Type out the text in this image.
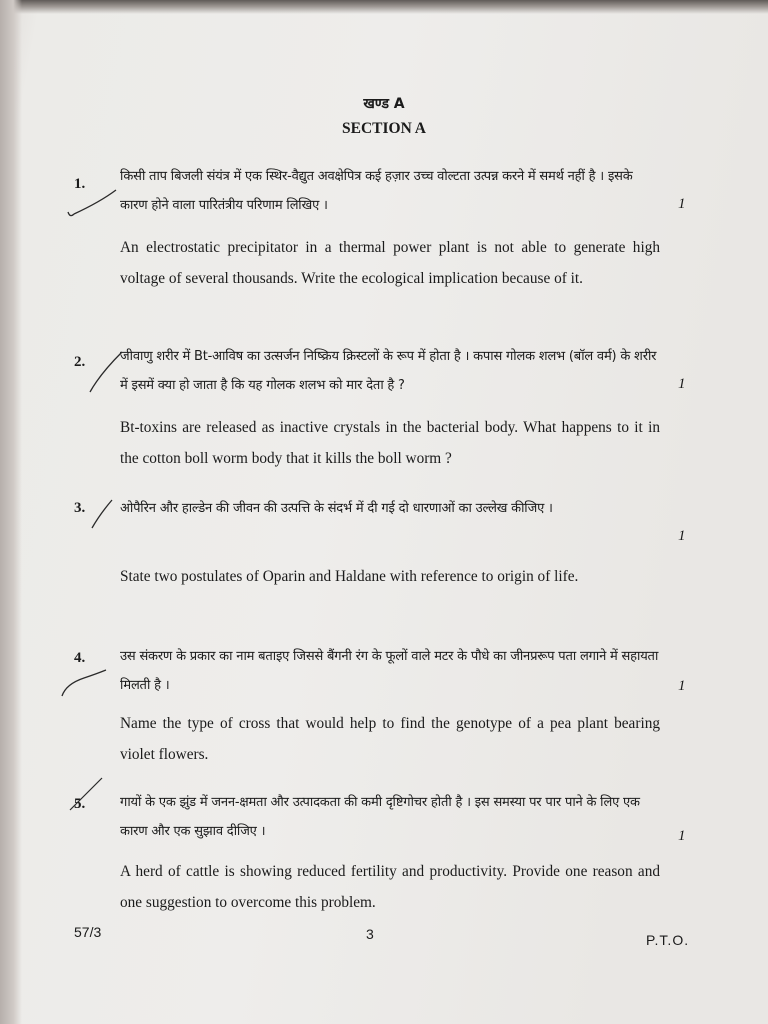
खण्ड A
SECTION A
1.	किसी ताप बिजली संयंत्र में एक स्थिर-वैद्युत अवक्षेपित्र कई हज़ार उच्च वोल्टता उत्पन्न करने में समर्थ नहीं है । इसके कारण होने वाला पारितंत्रीय परिणाम लिखिए ।	1
An electrostatic precipitator in a thermal power plant is not able to generate high voltage of several thousands. Write the ecological implication because of it.
2.	जीवाणु शरीर में Bt-आविष का उत्सर्जन निष्क्रिय क्रिस्टलों के रूप में होता है । कपास गोलक शलभ (बॉल वर्म) के शरीर में इसमें क्या हो जाता है कि यह गोलक शलभ को मार देता है ?	1
Bt-toxins are released as inactive crystals in the bacterial body. What happens to it in the cotton boll worm body that it kills the boll worm ?
3.	ओपैरिन और हाल्डेन की जीवन की उत्पत्ति के संदर्भ में दी गई दो धारणाओं का उल्लेख कीजिए ।
1
State two postulates of Oparin and Haldane with reference to origin of life.
4.	उस संकरण के प्रकार का नाम बताइए जिससे बैंगनी रंग के फूलों वाले मटर के पौधे का जीनप्ररूप पता लगाने में सहायता मिलती है ।	1
Name the type of cross that would help to find the genotype of a pea plant bearing violet flowers.
5.	गायों के एक झुंड में जनन-क्षमता और उत्पादकता की कमी दृष्टिगोचर होती है । इस समस्या पर पार पाने के लिए एक कारण और एक सुझाव दीजिए ।	1
A herd of cattle is showing reduced fertility and productivity. Provide one reason and one suggestion to overcome this problem.
57/3	3	P.T.O.
